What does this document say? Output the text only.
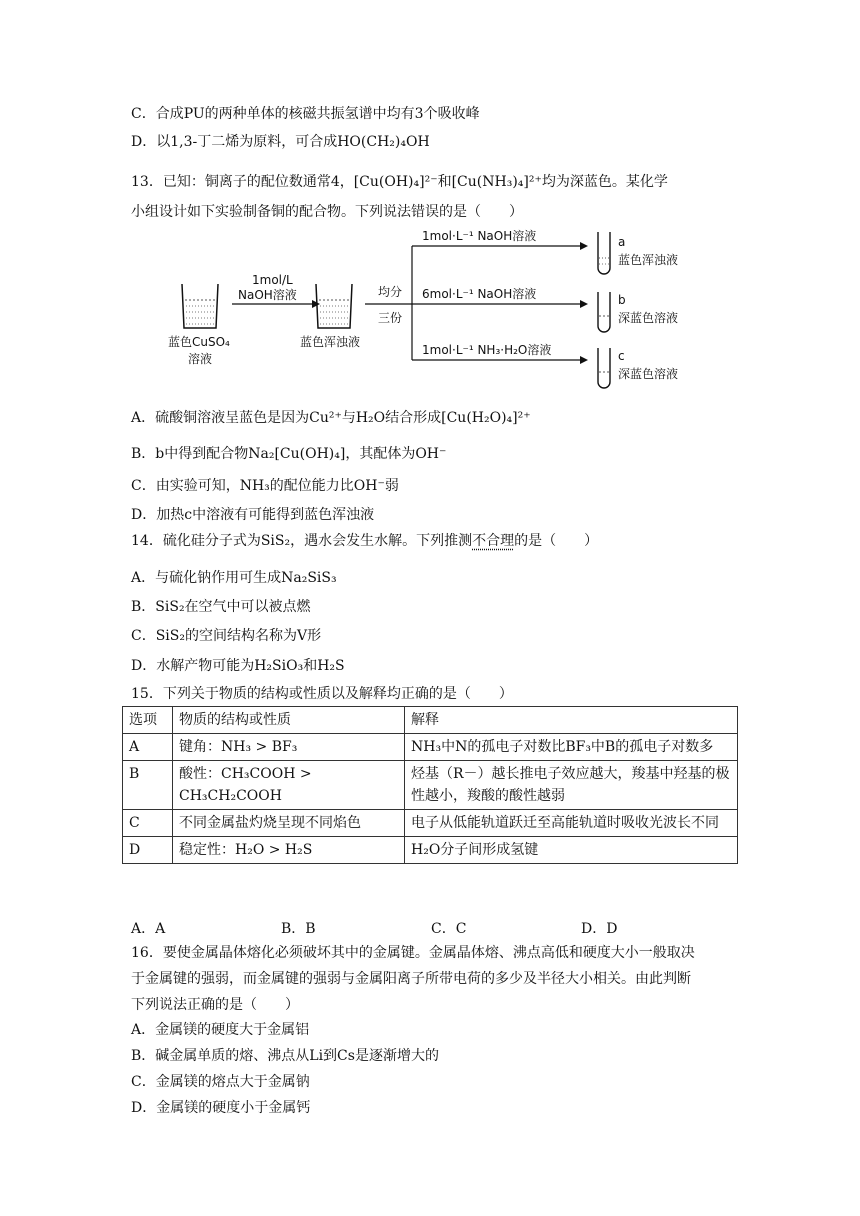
C．合成PU的两种单体的核磁共振氢谱中均有3个吸收峰
D．以1,3-丁二烯为原料，可合成HO(CH₂)₄OH
13．已知：铜离子的配位数通常4，[Cu(OH)₄]²⁻和[Cu(NH₃)₄]²⁺均为深蓝色。某化学
小组设计如下实验制备铜的配合物。下列说法错误的是（　　）
蓝色CuSO₄
溶液
1mol/L
NaOH溶液
蓝色浑浊液
均分
三份
1mol·L⁻¹ NaOH溶液
6mol·L⁻¹ NaOH溶液
1mol·L⁻¹ NH₃·H₂O溶液
a
蓝色浑浊液
b
深蓝色溶液
c
深蓝色溶液
A．硫酸铜溶液呈蓝色是因为Cu²⁺与H₂O结合形成[Cu(H₂O)₄]²⁺
B．b中得到配合物Na₂[Cu(OH)₄]，其配体为OH⁻
C．由实验可知，NH₃的配位能力比OH⁻弱
D．加热c中溶液有可能得到蓝色浑浊液
14．硫化硅分子式为SiS₂，遇水会发生水解。下列推测不合理的是（　　）
A．与硫化钠作用可生成Na₂SiS₃
B．SiS₂在空气中可以被点燃
C．SiS₂的空间结构名称为V形
D．水解产物可能为H₂SiO₃和H₂S
15．下列关于物质的结构或性质以及解释均正确的是（　　）
选项	物质的结构或性质	解释
A	键角：NH₃ > BF₃	NH₃中N的孤电子对数比BF₃中B的孤电子对数多
B	酸性：CH₃COOH > CH₃CH₂COOH	烃基（R－）越长推电子效应越大，羧基中羟基的极性越小，羧酸的酸性越弱
C	不同金属盐灼烧呈现不同焰色	电子从低能轨道跃迁至高能轨道时吸收光波长不同
D	稳定性：H₂O > H₂S	H₂O分子间形成氢键
A．A	B．B	C．C	D．D
16．要使金属晶体熔化必须破坏其中的金属键。金属晶体熔、沸点高低和硬度大小一般取决
于金属键的强弱，而金属键的强弱与金属阳离子所带电荷的多少及半径大小相关。由此判断
下列说法正确的是（　　）
A．金属镁的硬度大于金属铝
B．碱金属单质的熔、沸点从Li到Cs是逐渐增大的
C．金属镁的熔点大于金属钠
D．金属镁的硬度小于金属钙
